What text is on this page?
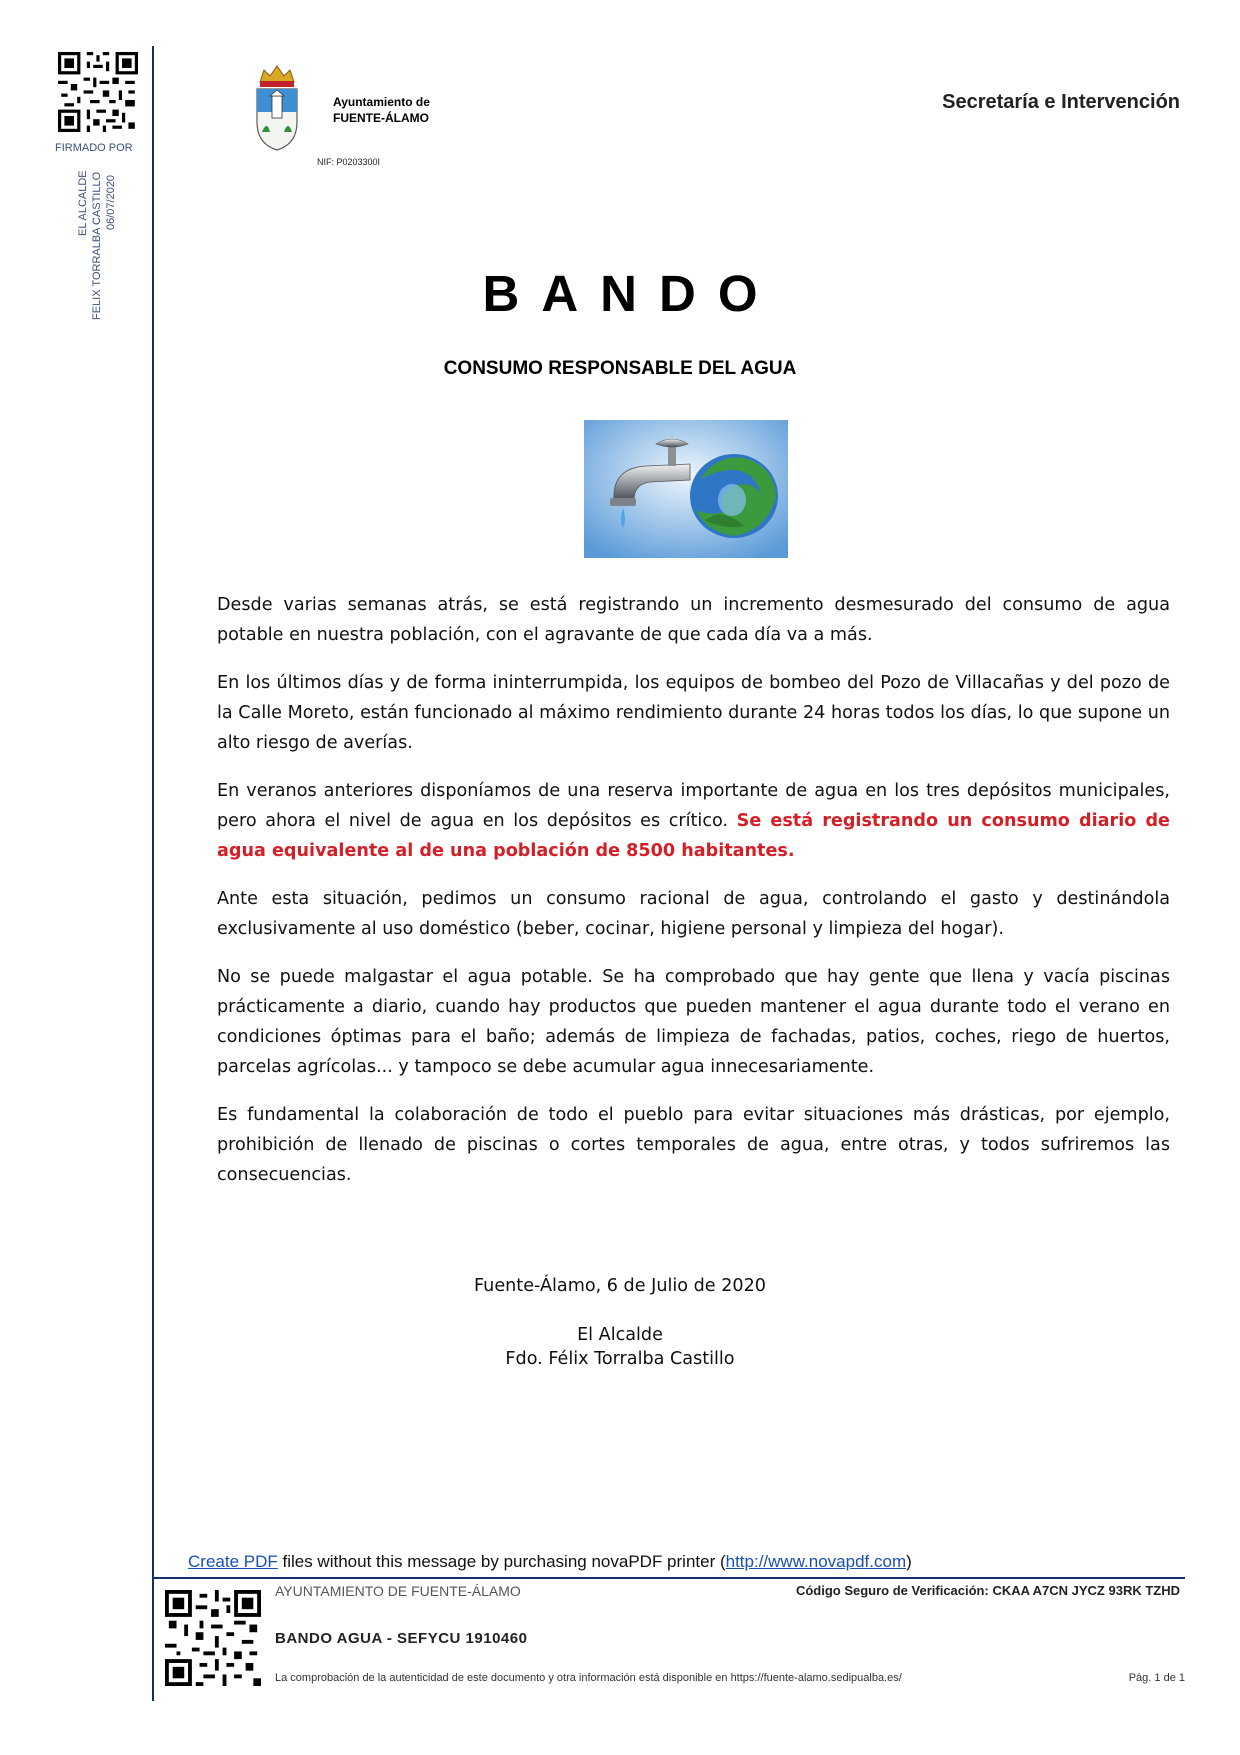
FIRMADO POR
EL ALCALDE FELIX TORRALBA CASTILLO 06/07/2020
Ayuntamiento de
FUENTE-ÁLAMO
NIF: P0203300I
Secretaría e Intervención
BANDO
CONSUMO RESPONSABLE DEL AGUA

Desde varias semanas atrás, se está registrando un incremento desmesurado del consumo de agua potable en nuestra población, con el agravante de que cada día va a más.

En los últimos días y de forma ininterrumpida, los equipos de bombeo del Pozo de Villacañas y del pozo de la Calle Moreto, están funcionado al máximo rendimiento durante 24 horas todos los días, lo que supone un alto riesgo de averías.

En veranos anteriores disponíamos de una reserva importante de agua en los tres depósitos municipales, pero ahora el nivel de agua en los depósitos es crítico. Se está registrando un consumo diario de agua equivalente al de una población de 8500 habitantes.

Ante esta situación, pedimos un consumo racional de agua, controlando el gasto y destinándola exclusivamente al uso doméstico (beber, cocinar, higiene personal y limpieza del hogar).

No se puede malgastar el agua potable. Se ha comprobado que hay gente que llena y vacía piscinas prácticamente a diario, cuando hay productos que pueden mantener el agua durante todo el verano en condiciones óptimas para el baño; además de limpieza de fachadas, patios, coches, riego de huertos, parcelas agrícolas... y tampoco se debe acumular agua innecesariamente.

Es fundamental la colaboración de todo el pueblo para evitar situaciones más drásticas, por ejemplo, prohibición de llenado de piscinas o cortes temporales de agua, entre otras, y todos sufriremos las consecuencias.

Fuente-Álamo, 6 de Julio de 2020
El Alcalde
Fdo. Félix Torralba Castillo
Create PDF files without this message by purchasing novaPDF printer (http://www.novapdf.com)
AYUNTAMIENTO DE FUENTE-ÁLAMO	Código Seguro de Verificación: CKAA A7CN JYCZ 93RK TZHD
BANDO AGUA - SEFYCU 1910460
La comprobación de la autenticidad de este documento y otra información está disponible en https://fuente-alamo.sedipualba.es/	Pág. 1 de 1
